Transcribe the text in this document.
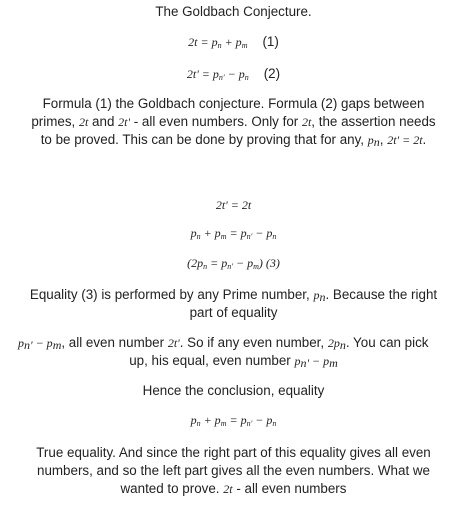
The Goldbach Conjecture.
$2t = p_n + p_m$ (1)
$2t' = p_{n'} - p_n$ (2)
Formula (1) the Goldbach conjecture. Formula (2) gaps between
primes, 2t and 2t' - all even numbers. Only for 2t, the assertion needs
to be proved. This can be done by proving that for any, $p_n$, 2t' = 2t.
2t' = 2t
$p_n + p_m = p_{n'} - p_n$
$(2p_n = p_{n'} - p_m)$ (3)
Equality (3) is performed by any Prime number, $p_n$. Because the right
part of equality
$p_{n'} - p_m$, all even number 2t'. So if any even number, $2p_n$. You can pick
up, his equal, even number $p_{n'} - p_m$
Hence the conclusion, equality
$p_n + p_m = p_{n'} - p_n$
True equality. And since the right part of this equality gives all even
numbers, and so the left part gives all the even numbers. What we
wanted to prove. 2t - all even numbers
